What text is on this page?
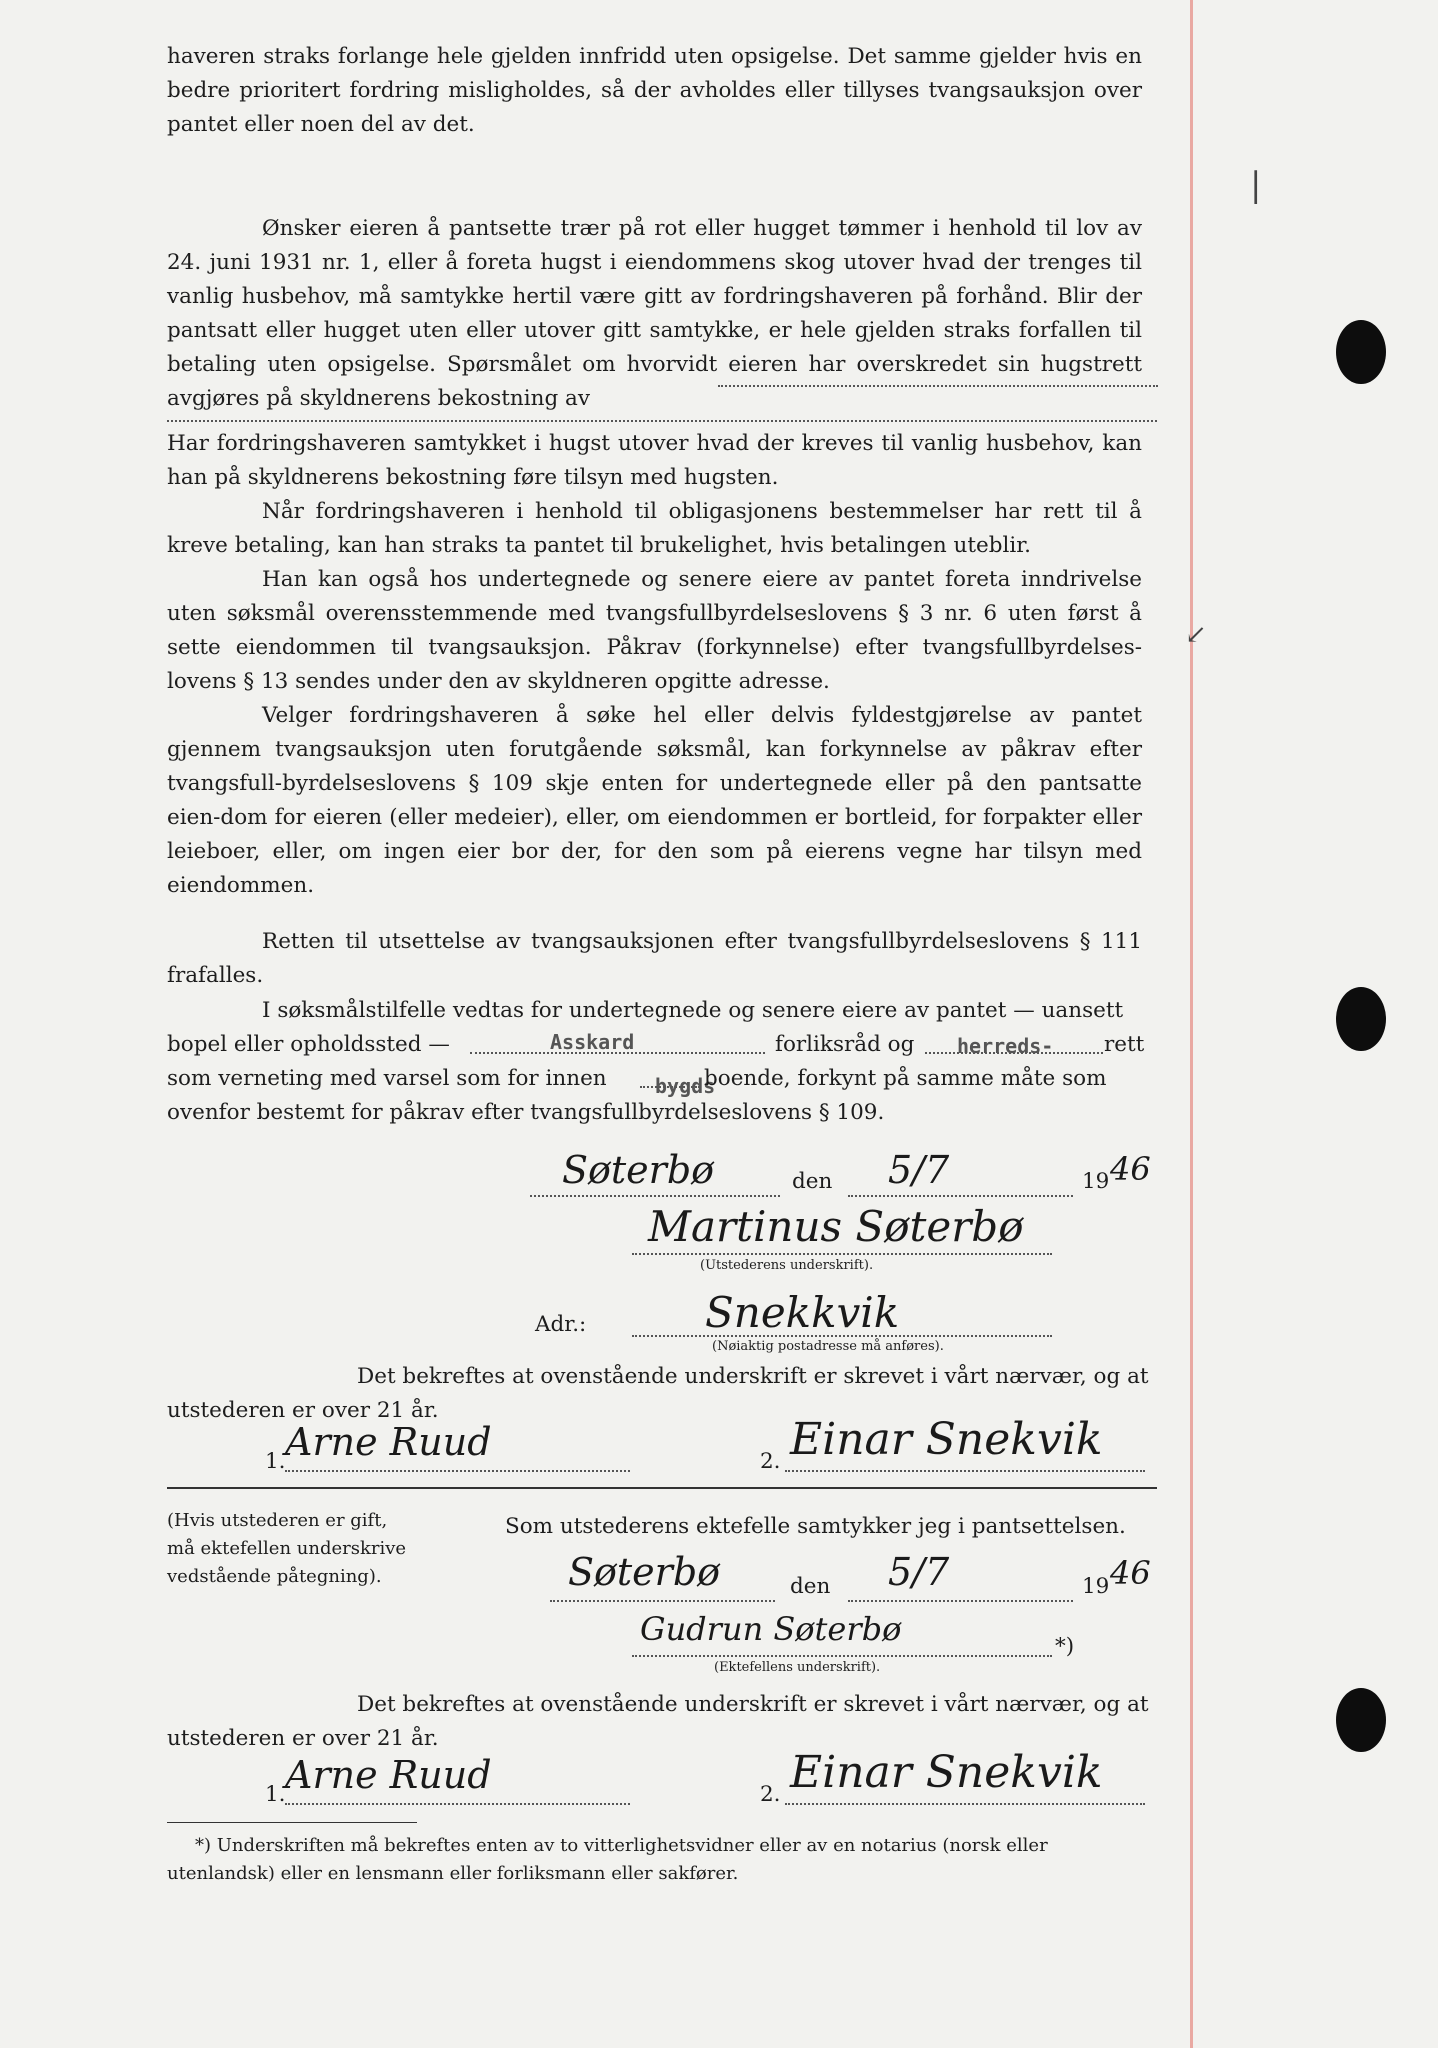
|
↙
haveren straks forlange hele gjelden innfridd uten opsigelse. Det samme gjelder hvis en bedre prioritert fordring misligholdes, så der avholdes eller tillyses tvangsauksjon over pantet eller noen del av det.
Ønsker eieren å pantsette trær på rot eller hugget tømmer i henhold til lov av 24. juni 1931 nr. 1, eller å foreta hugst i eiendommens skog utover hvad der trenges til vanlig husbehov, må samtykke hertil være gitt av fordringshaveren på forhånd. Blir der pantsatt eller hugget uten eller utover gitt samtykke, er hele gjelden straks forfallen til betaling uten opsigelse. Spørsmålet om hvorvidt eieren har overskredet sin hugstrett avgjøres på skyldnerens bekostning av
Har fordringshaveren samtykket i hugst utover hvad der kreves til vanlig husbehov, kan han på skyldnerens bekostning føre tilsyn med hugsten.
Når fordringshaveren i henhold til obligasjonens bestemmelser har rett til å kreve betaling, kan han straks ta pantet til brukelighet, hvis betalingen uteblir.
Han kan også hos undertegnede og senere eiere av pantet foreta inndrivelse uten søksmål overensstemmende med tvangsfullbyrdelseslovens § 3 nr. 6 uten først å sette eiendommen til tvangsauksjon. Påkrav (forkynnelse) efter tvangsfullbyrdelses-lovens § 13 sendes under den av skyldneren opgitte adresse.
Velger fordringshaveren å søke hel eller delvis fyldestgjørelse av pantet gjennem tvangsauksjon uten forutgående søksmål, kan forkynnelse av påkrav efter tvangsfull-byrdelseslovens § 109 skje enten for undertegnede eller på den pantsatte eien-dom for eieren (eller medeier), eller, om eiendommen er bortleid, for forpakter eller leieboer, eller, om ingen eier bor der, for den som på eierens vegne har tilsyn med eiendommen.
Retten til utsettelse av tvangsauksjonen efter tvangsfullbyrdelseslovens § 111 frafalles.
I søksmålstilfelle vedtas for undertegnede og senere eiere av pantet — uansett
bopel eller opholdssted —	Asskard	forliksråd og herreds- rett
som verneting med varsel som for innen bygds
boende, forkynt på samme måte som
ovenfor bestemt for påkrav efter tvangsfullbyrdelseslovens § 109.
Søterbø	den 5/7	19 46
Martinus Søterbø
(Utstederens underskrift).
Adr.:	Snekkvik
(Nøiaktig postadresse må anføres).
Det bekreftes at ovenstående underskrift er skrevet i vårt nærvær, og at
utstederen er over 21 år.
1. Arne Ruud	2. Einar Snekvik
(Hvis utstederen er gift, må ektefellen underskrive vedstående påtegning).
Som utstederens ektefelle samtykker jeg i pantsettelsen.
Søterbø	den 5/7	19 46
Gudrun Søterbø	*)
(Ektefellens underskrift).
Det bekreftes at ovenstående underskrift er skrevet i vårt nærvær, og at
utstederen er over 21 år.
1. Arne Ruud	2. Einar Snekvik
*) Underskriften må bekreftes enten av to vitterlighetsvidner eller av en notarius (norsk eller utenlandsk) eller en lensmann eller forliksmann eller sakfører.
